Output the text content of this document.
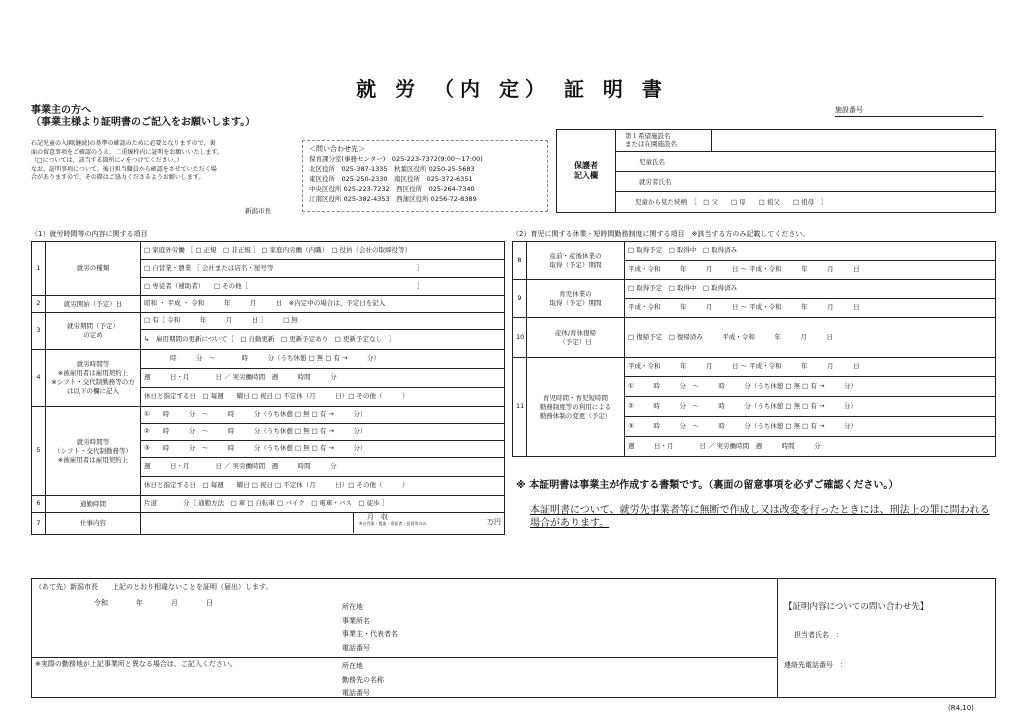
就 労 （内 定） 証 明 書
施設番号
事業主の方へ
（事業主様より証明書のご記入をお願いします。）
石記児童の入園(継続)の基準の確認のために必要となりますので、裏
面の留意事項をご確認のうえ、二重線枠内に証明をお願いいたします。
（□については、該当する箇所に✓をつけてください。）
なお、証明事項について、後日担当職員から確認をさせていただく場
合がありますので、その際はご協力くださるようお願いします。
新潟市長
＜問い合わせ先＞
保育課分室(事務センター)　025-223-7372(9:00～17:00)
北区役所　025-387-1335　秋葉区役所 0250-25-5683
東区役所　025-250-2330　南区役所　025-372-6351
中央区役所 025-223-7232　西区役所　025-264-7340
江南区役所 025-382-4353　西蒲区役所 0256-72-8389
保護者記入欄
第１希望施設名
または在園施設名
児童氏名
就労者氏名
児童から見た続柄　［　□ 父　　□ 母　　□ 祖父　　□ 祖母　］
（1）就労時間等の内容に関する項目	（2）育児に関する休業・短時間勤務制度に関する項目　※該当する方のみ記載してください。
1	就労の種類	□ 家庭外労働 ［ □ 正規　□ 非正規 ］ □ 家庭内労働（内職）　□ 役員（会社の取締役等）
		□ 自営業・農業 ［ 会社または店名・屋号等　　　　　　　　　　　　　　　　　　　　　　］
		□ 専従者（補助者）　　□ その他［　　　　　　　　　　　　　　　　　　　　　　　　　　］
2	就労開始（予定）日	昭和 ・ 平成 ・ 令和　　　年　　　月　　　日　※内定中の場合は、予定日を記入
3	就労期間（予定）
の定め	□ 有［ 令和　　　年　　　月　　　日 ］　　　□ 無
		↳　雇用期間の更新について［　□ 自動更新　□ 更新予定あり　□ 更新予定なし　］
4	就労時間等
※被雇用者は雇用契約上
※シフト・交代制勤務等の方
は以下の欄に記入	　　　　時　　　分　～　　　　時　　　分（うち休憩 □ 無 □ 有 →　　　分）
		週　　　日・月　　　　日 ／ 実労働時間　週　　　時間　　　分
		休日と指定する日　□ 毎週　　曜日 □ 祝日 □ 不定休（月　　　日）□ その他（　　　）
5	就労時間等
（シフト・交代制勤務等）
※被雇用者は雇用契約上	①　　時　　　分　～　　　時　　　分（うち休憩 □ 無 □ 有 →　　　分）
		②　　時　　　分　～　　　時　　　分（うち休憩 □ 無 □ 有 →　　　分）
		③　　時　　　分　～　　　時　　　分（うち休憩 □ 無 □ 有 →　　　分）
		週　　　日・月　　　　日 ／ 実労働時間　週　　　時間　　　分
		休日と指定する日　□ 毎週　　曜日 □ 祝日 □ 不定休（月　　　日）□ その他（　　　）
6	通勤時間	片道　　　　分［ 通勤方法　□ 車 □ 自転車 □ バイク　□ 電車・バス　□ 徒歩 ］
7	仕事内容	月　収
※自営業・農業・専従者・役員等のみ 万円
8	産前・産後休業の
取得（予定）期間	□ 取得予定　□ 取得中　□ 取得済み
		平成・令和　　　年　　　月　　　日 ～ 平成・令和　　　年　　　月　　　日
9	育児休業の
取得（予定）期間	□ 取得予定　□ 取得中　□ 取得済み
		平成・令和　　　年　　　月　　　日 ～ 平成・令和　　　年　　　月　　　日
10	産休/育休復帰
（予定）日	□ 復帰予定　□ 復帰済み　　　平成・令和　　　年　　　月　　　日
11	育児時間・育児短時間
勤務制度等の利用による
勤務体制の変更（予定）	平成・令和　　　年　　　月　　　日 ～ 平成・令和　　　年　　　月　　　日
		①　　　時　　　分　～　　　時　　　分（うち休憩 □ 無 □ 有 →　　　分）
		②　　　時　　　分　～　　　時　　　分（うち休憩 □ 無 □ 有 →　　　分）
		③　　　時　　　分　～　　　時　　　分（うち休憩 □ 無 □ 有 →　　　分）
		週　　　日・月　　　　日 ／ 実労働時間　週　　　時間　　　分
※ 本証明書は事業主が作成する書類です。（裏面の留意事項を必ずご確認ください。）
本証明書について、就労先事業者等に無断で作成し又は改変を行ったときには、刑法上の罪に問われる場合があります。
（あて先）新潟市長　　上記のとおり相違ないことを証明（届出）します。
令和　　　　年　　　　月　　　　日	所在地
事業所名
事業主・代表者名
電話番号
※実際の勤務地が上記事業所と異なる場合は、ご記入ください。	所在地
勤務先の名称
電話番号
【証明内容についての問い合わせ先】
担当者氏名　：
連絡先電話番号　：
(R4,10)
